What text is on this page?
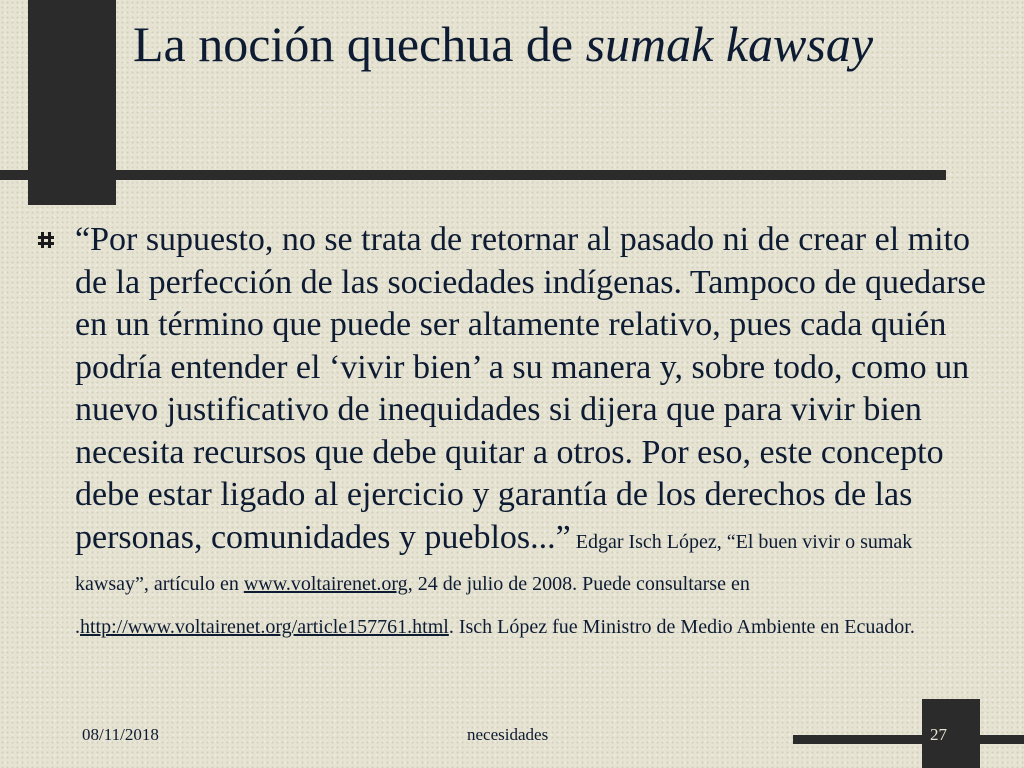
La noción quechua de sumak kawsay

“Por supuesto, no se trata de retornar al pasado ni de crear el mito de la perfección de las sociedades indígenas. Tampoco de quedarse en un término que puede ser altamente relativo, pues cada quién podría entender el ‘vivir bien’ a su manera y, sobre todo, como un nuevo justificativo de inequidades si dijera que para vivir bien necesita recursos que debe quitar a otros. Por eso, este concepto debe estar ligado al ejercicio y garantía de los derechos de las personas, comunidades y pueblos...” Edgar Isch López, “El buen vivir o sumak kawsay”, artículo en www.voltairenet.org, 24 de julio de 2008. Puede consultarse en .http://www.voltairenet.org/article157761.html. Isch López fue Ministro de Medio Ambiente en Ecuador.

08/11/2018	necesidades	27
